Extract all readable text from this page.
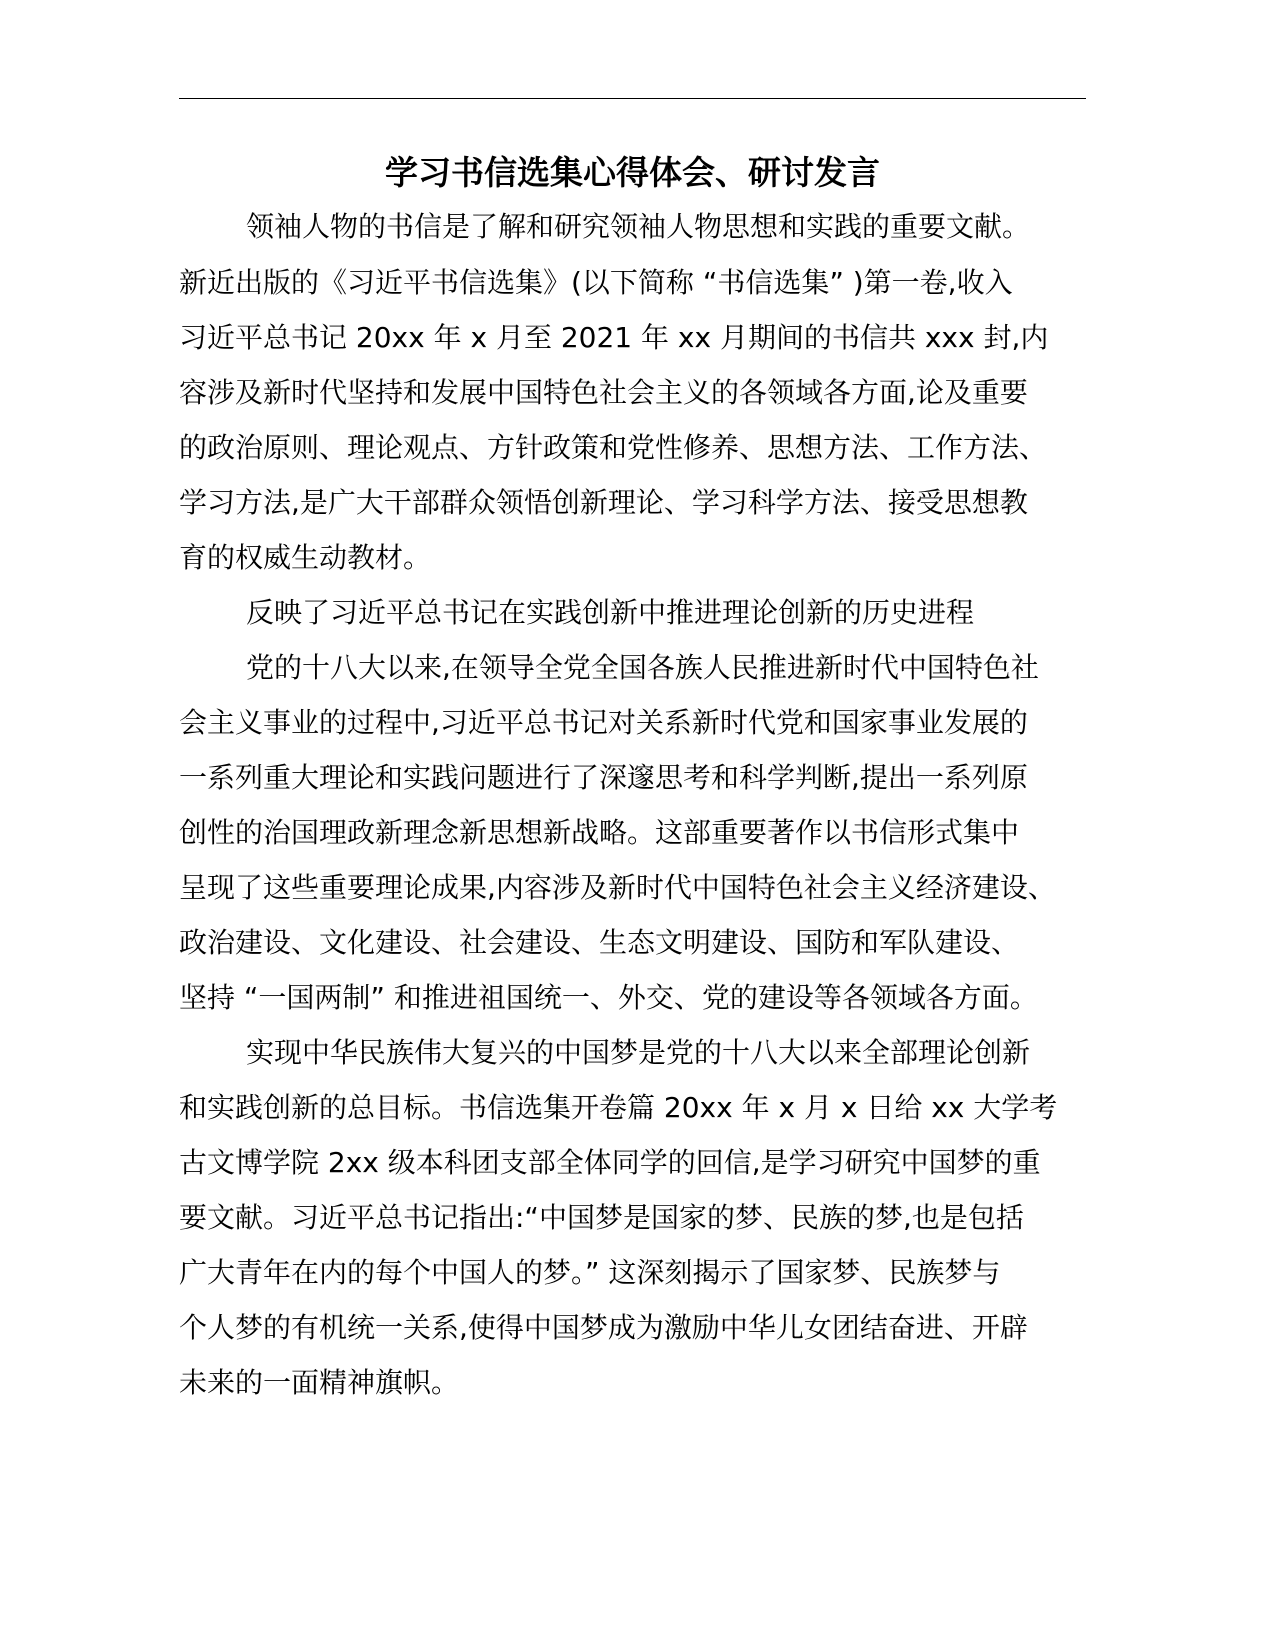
学习书信选集心得体会、研讨发言
领袖人物的书信是了解和研究领袖人物思想和实践的重要文献。
新近出版的《习近平书信选集》(以下简称 “书信选集” )第一卷,收入
习近平总书记 20xx 年 x 月至 2021 年 xx 月期间的书信共 xxx 封,内
容涉及新时代坚持和发展中国特色社会主义的各领域各方面,论及重要
的政治原则、理论观点、方针政策和党性修养、思想方法、工作方法、
学习方法,是广大干部群众领悟创新理论、学习科学方法、接受思想教
育的权威生动教材。
反映了习近平总书记在实践创新中推进理论创新的历史进程
党的十八大以来,在领导全党全国各族人民推进新时代中国特色社
会主义事业的过程中,习近平总书记对关系新时代党和国家事业发展的
一系列重大理论和实践问题进行了深邃思考和科学判断,提出一系列原
创性的治国理政新理念新思想新战略。这部重要著作以书信形式集中
呈现了这些重要理论成果,内容涉及新时代中国特色社会主义经济建设、
政治建设、文化建设、社会建设、生态文明建设、国防和军队建设、
坚持 “一国两制” 和推进祖国统一、外交、党的建设等各领域各方面。
实现中华民族伟大复兴的中国梦是党的十八大以来全部理论创新
和实践创新的总目标。书信选集开卷篇 20xx 年 x 月 x 日给 xx 大学考
古文博学院 2xx 级本科团支部全体同学的回信,是学习研究中国梦的重
要文献。习近平总书记指出:“中国梦是国家的梦、民族的梦,也是包括
广大青年在内的每个中国人的梦。” 这深刻揭示了国家梦、民族梦与
个人梦的有机统一关系,使得中国梦成为激励中华儿女团结奋进、开辟
未来的一面精神旗帜。
